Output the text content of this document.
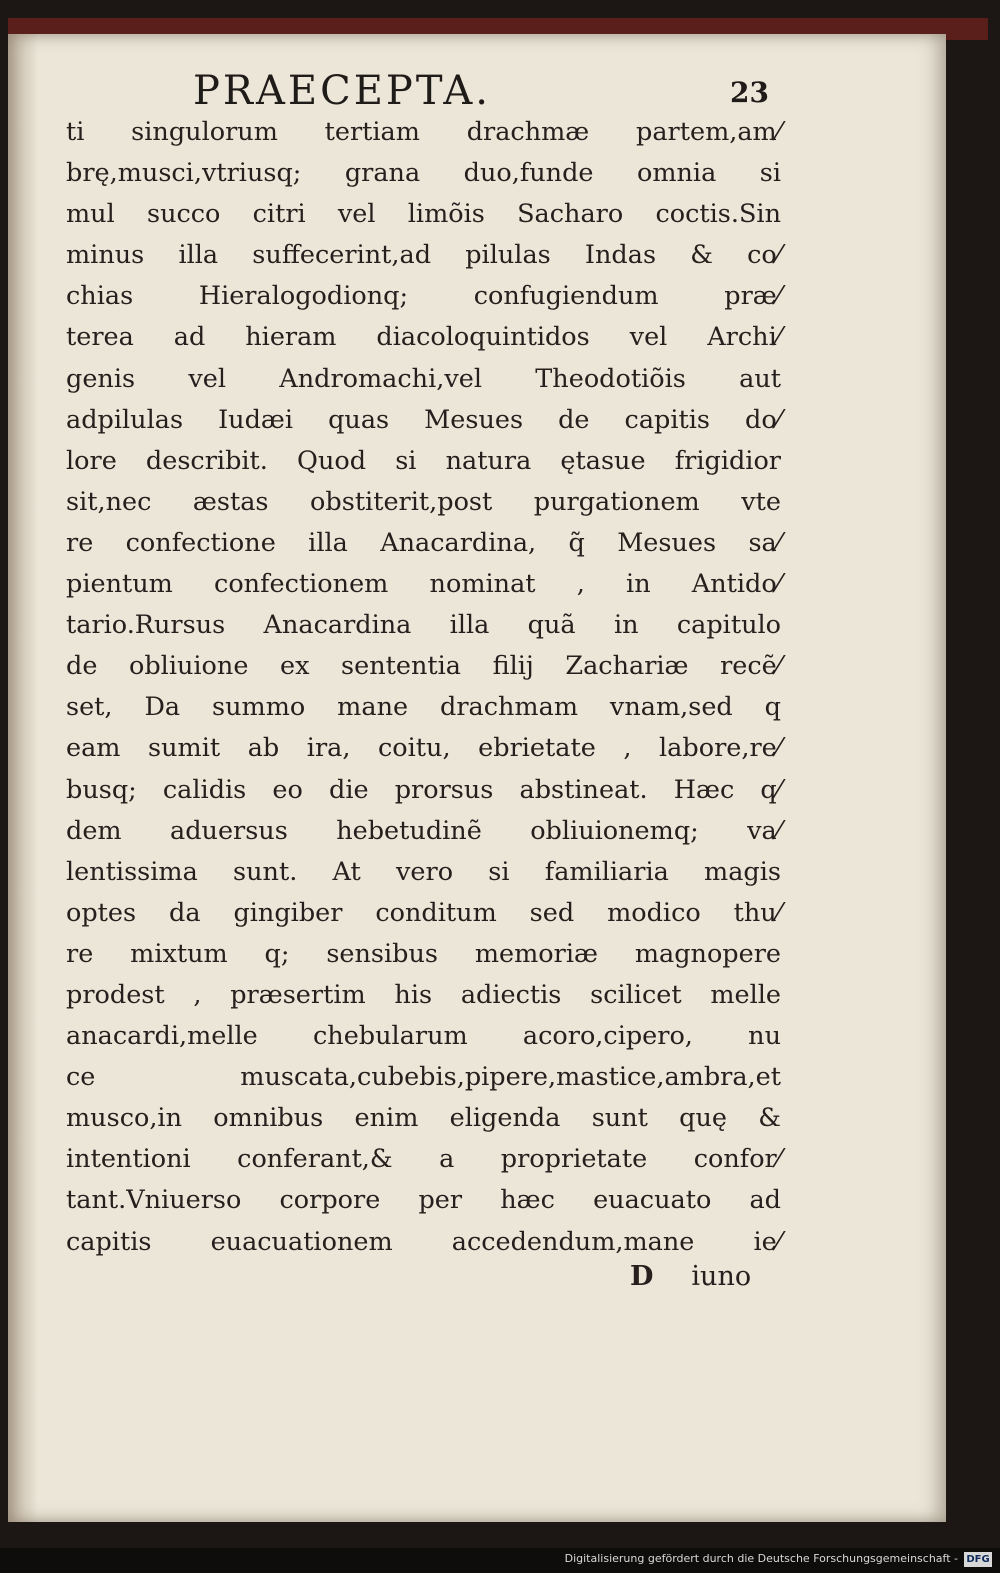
PRAECEPTA.	23
ti singulorum tertiam drachmæ partem,am⁄
brę,musci,vtriusq; grana duo,funde omnia si
mul succo citri vel limõis Sacharo coctis.Sin
minus illa suffecerint,ad pilulas Indas & co⁄
chias Hieralogodionq; confugiendum præ⁄
terea ad hieram diacoloquintidos vel Archi⁄
genis vel Andromachi,vel Theodotiõis aut
adpilulas Iudæi quas Mesues de capitis do⁄
lore describit. Quod si natura ętasue frigidior
sit,nec æstas obstiterit,post purgationem vte
re confectione illa Anacardina, q̃ Mesues sa⁄
pientum confectionem nominat , in Antido⁄
tario.Rursus Anacardina illa quã in capitulo
de obliuione ex sententia filij Zachariæ recẽ⁄
set, Da summo mane drachmam vnam,sed q
eam sumit ab ira, coitu, ebrietate , labore,re⁄
busq; calidis eo die prorsus abstineat. Hæc q⁄
dem aduersus hebetudinẽ obliuionemq; va⁄
lentissima sunt. At vero si familiaria magis
optes da gingiber conditum sed modico thu⁄
re mixtum q; sensibus memoriæ magnopere
prodest , præsertim his adiectis scilicet melle
anacardi,melle chebularum acoro,cipero, nu
ce muscata,cubebis,pipere,mastice,ambra,et
musco,in omnibus enim eligenda sunt quę &
intentioni conferant,& a proprietate confor⁄
tant.Vniuerso corpore per hæc euacuato ad
capitis euacuationem accedendum,mane ie⁄
D iuno
Digitalisierung gefördert durch die Deutsche Forschungsgemeinschaft - DFG
